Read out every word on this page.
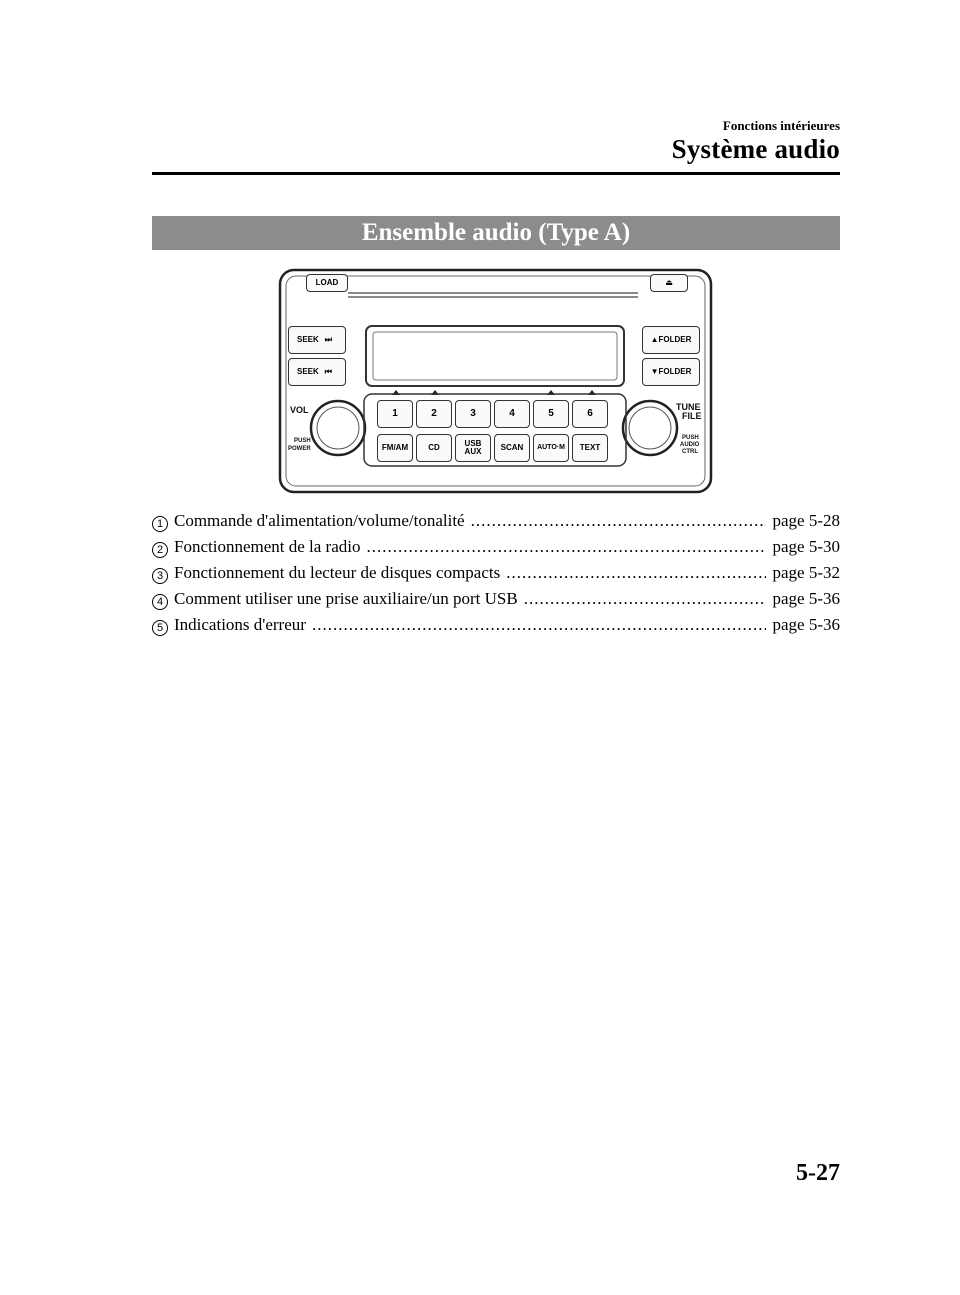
Fonctions intérieures
Système audio
Ensemble audio (Type A)
LOAD	⏏
SEEK ⏭
SEEK ⏮
▲ FOLDER
▼ FOLDER
VOL
PUSH
POWER
TUNE
FILE
PUSH
AUDIO
CTRL
1	2	3	4	5	6
FM/AM	CD	USB AUX	SCAN	AUTO·M	TEXT
1 Commande d'alimentation/volume/tonalité .....	page 5-28
2 Fonctionnement de la radio .....	page 5-30
3 Fonctionnement du lecteur de disques compacts .....	page 5-32
4 Comment utiliser une prise auxiliaire/un port USB .....	page 5-36
5 Indications d'erreur .....	page 5-36
5-27
